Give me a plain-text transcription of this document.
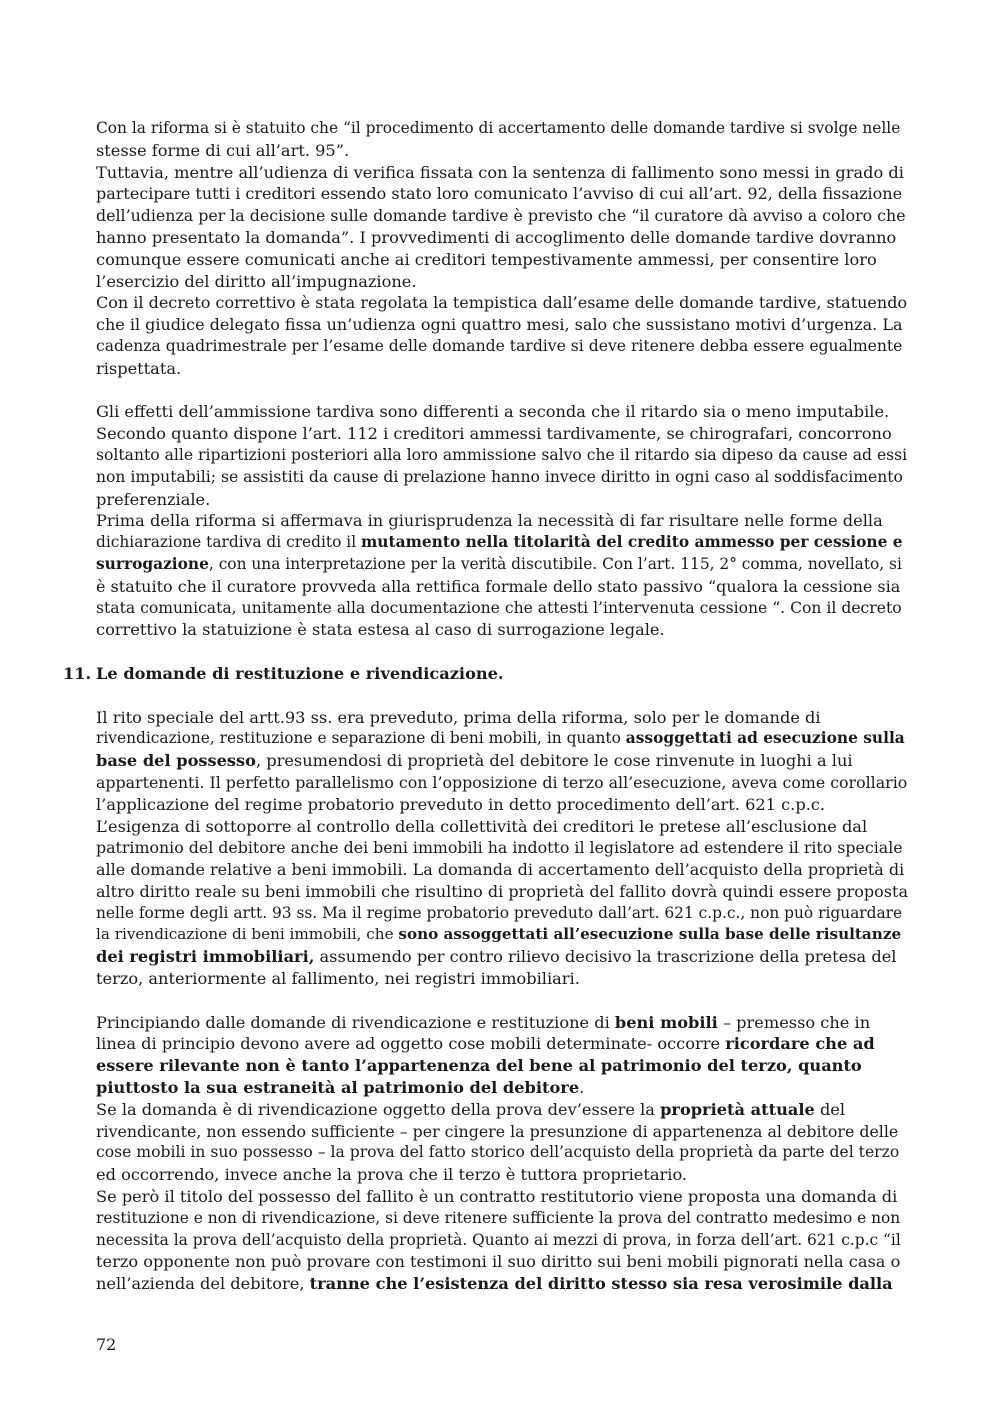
Con la riforma si è statuito che “il procedimento di accertamento delle domande tardive si svolge nelle
stesse forme di cui all’art. 95”.
Tuttavia, mentre all’udienza di verifica fissata con la sentenza di fallimento sono messi in grado di
partecipare tutti i creditori essendo stato loro comunicato l’avviso di cui all’art. 92, della fissazione
dell’udienza per la decisione sulle domande tardive è previsto che “il curatore dà avviso a coloro che
hanno presentato la domanda”. I provvedimenti di accoglimento delle domande tardive dovranno
comunque essere comunicati anche ai creditori tempestivamente ammessi, per consentire loro
l’esercizio del diritto all’impugnazione.
Con il decreto correttivo è stata regolata la tempistica dall’esame delle domande tardive, statuendo
che il giudice delegato fissa un’udienza ogni quattro mesi, salo che sussistano motivi d’urgenza. La
cadenza quadrimestrale per l’esame delle domande tardive si deve ritenere debba essere egualmente
rispettata.
Gli effetti dell’ammissione tardiva sono differenti a seconda che il ritardo sia o meno imputabile.
Secondo quanto dispone l’art. 112 i creditori ammessi tardivamente, se chirografari, concorrono
soltanto alle ripartizioni posteriori alla loro ammissione salvo che il ritardo sia dipeso da cause ad essi
non imputabili; se assistiti da cause di prelazione hanno invece diritto in ogni caso al soddisfacimento
preferenziale.
Prima della riforma si affermava in giurisprudenza la necessità di far risultare nelle forme della
dichiarazione tardiva di credito il mutamento nella titolarità del credito ammesso per cessione e
surrogazione, con una interpretazione per la verità discutibile. Con l’art. 115, 2° comma, novellato, si
è statuito che il curatore provveda alla rettifica formale dello stato passivo “qualora la cessione sia
stata comunicata, unitamente alla documentazione che attesti l’intervenuta cessione “. Con il decreto
correttivo la statuizione è stata estesa al caso di surrogazione legale.
11. Le domande di restituzione e rivendicazione.
Il rito speciale del artt.93 ss. era preveduto, prima della riforma, solo per le domande di
rivendicazione, restituzione e separazione di beni mobili, in quanto assoggettati ad esecuzione sulla
base del possesso, presumendosi di proprietà del debitore le cose rinvenute in luoghi a lui
appartenenti. Il perfetto parallelismo con l’opposizione di terzo all’esecuzione, aveva come corollario
l’applicazione del regime probatorio preveduto in detto procedimento dell’art. 621 c.p.c.
L’esigenza di sottoporre al controllo della collettività dei creditori le pretese all’esclusione dal
patrimonio del debitore anche dei beni immobili ha indotto il legislatore ad estendere il rito speciale
alle domande relative a beni immobili. La domanda di accertamento dell’acquisto della proprietà di
altro diritto reale su beni immobili che risultino di proprietà del fallito dovrà quindi essere proposta
nelle forme degli artt. 93 ss. Ma il regime probatorio preveduto dall’art. 621 c.p.c., non può riguardare
la rivendicazione di beni immobili, che sono assoggettati all’esecuzione sulla base delle risultanze
dei registri immobiliari, assumendo per contro rilievo decisivo la trascrizione della pretesa del
terzo, anteriormente al fallimento, nei registri immobiliari.
Principiando dalle domande di rivendicazione e restituzione di beni mobili – premesso che in
linea di principio devono avere ad oggetto cose mobili determinate- occorre ricordare che ad
essere rilevante non è tanto l’appartenenza del bene al patrimonio del terzo, quanto
piuttosto la sua estraneità al patrimonio del debitore.
Se la domanda è di rivendicazione oggetto della prova dev’essere la proprietà attuale del
rivendicante, non essendo sufficiente – per cingere la presunzione di appartenenza al debitore delle
cose mobili in suo possesso – la prova del fatto storico dell’acquisto della proprietà da parte del terzo
ed occorrendo, invece anche la prova che il terzo è tuttora proprietario.
Se però il titolo del possesso del fallito è un contratto restitutorio viene proposta una domanda di
restituzione e non di rivendicazione, si deve ritenere sufficiente la prova del contratto medesimo e non
necessita la prova dell’acquisto della proprietà. Quanto ai mezzi di prova, in forza dell’art. 621 c.p.c “il
terzo opponente non può provare con testimoni il suo diritto sui beni mobili pignorati nella casa o
nell’azienda del debitore, tranne che l’esistenza del diritto stesso sia resa verosimile dalla
72
